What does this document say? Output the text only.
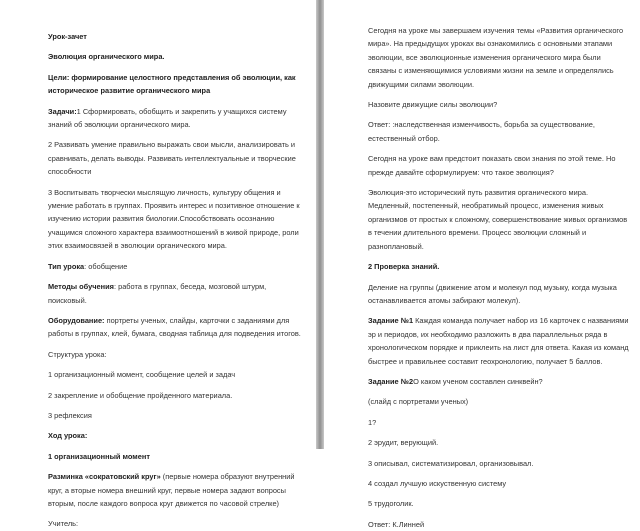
Урок-зачет

Эволюция органического мира.

Цели: формирование целостного представления об эволюции, как историческое развитие органического мира

Задачи:1 Сформировать, обобщить и закрепить у учащихся систему знаний об эволюции органического мира.

2 Развивать умение правильно выражать свои мысли, анализировать и сравнивать, делать выводы. Развивать интеллектуальные и творческие способности

3 Воспитывать творчески мыслящую личность, культуру общения и умение работать в группах. Проявить интерес и позитивное отношение к изучению истории развития биологии.Способствовать осознанию учащимся сложного характера взаимоотношений в живой природе, роли этих взаимосвязей в эволюции органического мира.

Тип урока: обобщение

Методы обучения: работа в группах, беседа, мозговой штурм, поисковый.

Оборудование: портреты ученых, слайды, карточки с заданиями для работы в группах, клей, бумага, сводная таблица для подведения итогов.

Структура урока:

1 организационный момент, сообщение целей и задач

2 закрепление и обобщение пройденного материала.

3 рефлексия

Ход урока:

1 организационный момент

Разминка «сократовский круг» (первые номера образуют внутренний круг, а вторые номера внешний круг, первые номера задают вопросы вторым, после каждого вопроса круг движется по часовой стрелке)

Учитель:

Сегодня на уроке мы завершаем изучения темы «Развития органического мира». На предыдущих уроках вы ознакомились с основными этапами эволюции, все эволюционные изменения органического мира были связаны с изменяющимися условиями жизни на земле и определялись движущими силами эволюции.

Назовите движущие силы эволюции?

Ответ: :наследственная изменчивость, борьба за существование, естественный отбор.

Сегодня на уроке вам предстоит показать свои знания по этой теме. Но прежде давайте сформулируем: что такое эволюция?

Эволюция-это исторический путь развития органического мира. Медленный, постепенный, необратимый процесс, изменения живых организмов от простых к сложному, совершенствование живых организмов в течении длительного времени. Процесс эволюции сложный и разноплановый.

2 Проверка знаний.

Деление на группы (движение атом и молекул под музыку, когда музыка останавливается атомы забирают молекул).

Задание №1 Каждая команда получает набор из 16 карточек с названиями эр и периодов, их необходимо разложить в два параллельных ряда в хронологическом порядке и приклеить на лист для ответа. Какая из команд быстрее и правильнее составит геохронологию, получает 5 баллов.

Задание №2О каком ученом составлен синквейн?

(слайд с портретами ученых)

1?

2 эрудит, верующий.

3 описывал, систематизировал, организовывал.

4 создал лучшую искуственную систему

5 трудоголик.

Ответ: К.Линней
